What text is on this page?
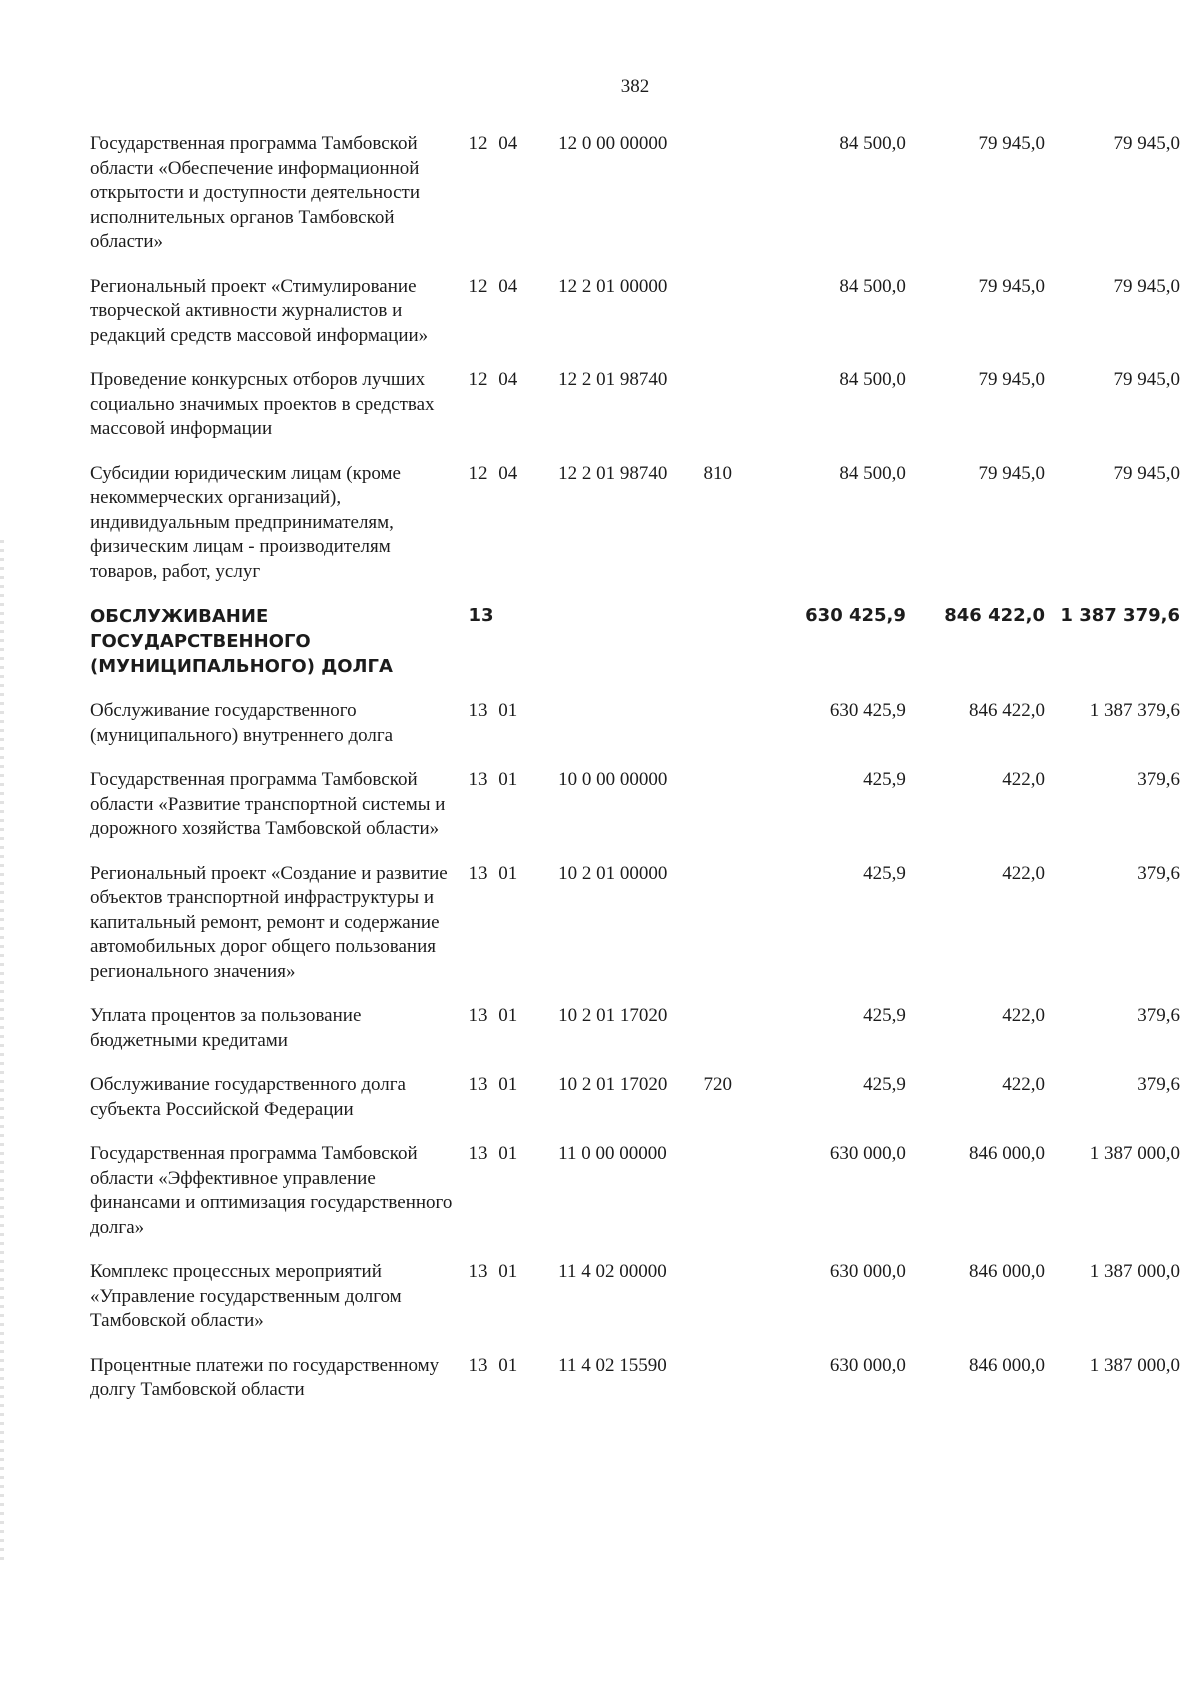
382
Государственная программа Тамбовской области «Обеспечение информационной открытости и доступности деятельности исполнительных органов Тамбовской области»	12 04	12 0 00 00000		84 500,0	79 945,0	79 945,0
Региональный проект «Стимулирование творческой активности журналистов и редакций средств массовой информации»	12 04	12 2 01 00000		84 500,0	79 945,0	79 945,0
Проведение конкурсных отборов лучших социально значимых проектов в средствах массовой информации	12 04	12 2 01 98740		84 500,0	79 945,0	79 945,0
Субсидии юридическим лицам (кроме некоммерческих организаций), индивидуальным предпринимателям, физическим лицам - производителям товаров, работ, услуг	12 04	12 2 01 98740	810	84 500,0	79 945,0	79 945,0
ОБСЛУЖИВАНИЕ ГОСУДАРСТВЕННОГО (МУНИЦИПАЛЬНОГО) ДОЛГА	13			630 425,9	846 422,0	1 387 379,6
Обслуживание государственного (муниципального) внутреннего долга	13 01			630 425,9	846 422,0	1 387 379,6
Государственная программа Тамбовской области «Развитие транспортной системы и дорожного хозяйства Тамбовской области»	13 01	10 0 00 00000		425,9	422,0	379,6
Региональный проект «Создание и развитие объектов транспортной инфраструктуры и капитальный ремонт, ремонт и содержание автомобильных дорог общего пользования регионального значения»	13 01	10 2 01 00000		425,9	422,0	379,6
Уплата процентов за пользование бюджетными кредитами	13 01	10 2 01 17020		425,9	422,0	379,6
Обслуживание государственного долга субъекта Российской Федерации	13 01	10 2 01 17020	720	425,9	422,0	379,6
Государственная программа Тамбовской области «Эффективное управление финансами и оптимизация государственного долга»	13 01	11 0 00 00000		630 000,0	846 000,0	1 387 000,0
Комплекс процессных мероприятий «Управление государственным долгом Тамбовской области»	13 01	11 4 02 00000		630 000,0	846 000,0	1 387 000,0
Процентные платежи по государственному долгу Тамбовской области	13 01	11 4 02 15590		630 000,0	846 000,0	1 387 000,0
